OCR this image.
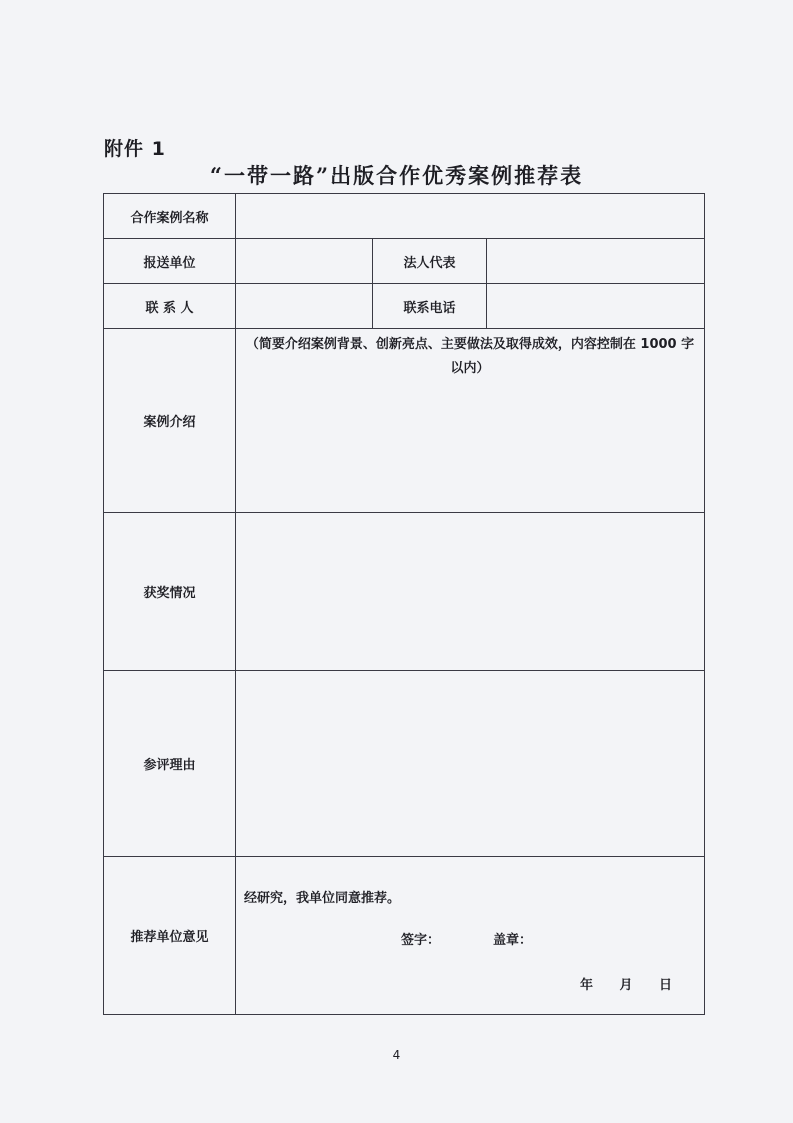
附件 1
“一带一路”出版合作优秀案例推荐表
合作案例名称			
报送单位		法人代表	
联 系 人		联系电话	
案例介绍	（简要介绍案例背景、创新亮点、主要做法及取得成效，内容控制在 1000 字以内）		
获奖情况			
参评理由			
推荐单位意见	经研究，我单位同意推荐。
签字： 盖章：
年 月 日		
4
